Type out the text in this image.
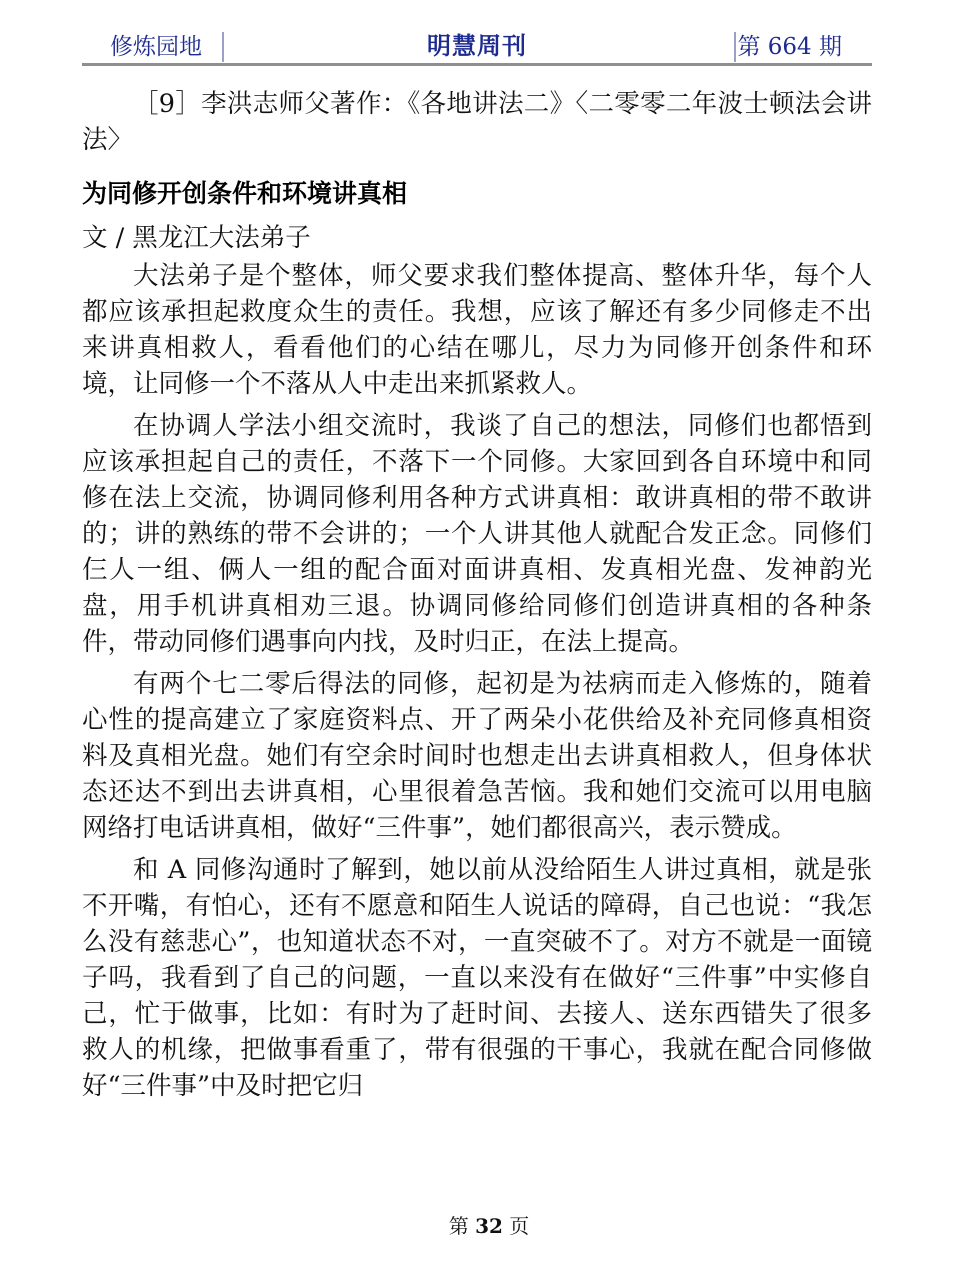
修炼园地	明慧周刊	第 664 期

［9］李洪志师父著作：《各地讲法二》〈二零零二年波士顿法会讲法〉

为同修开创条件和环境讲真相

文 / 黑龙江大法弟子

大法弟子是个整体，师父要求我们整体提高、整体升华，每个人都应该承担起救度众生的责任。我想，应该了解还有多少同修走不出来讲真相救人，看看他们的心结在哪儿，尽力为同修开创条件和环境，让同修一个不落从人中走出来抓紧救人。

在协调人学法小组交流时，我谈了自己的想法，同修们也都悟到应该承担起自己的责任，不落下一个同修。大家回到各自环境中和同修在法上交流，协调同修利用各种方式讲真相：敢讲真相的带不敢讲的；讲的熟练的带不会讲的；一个人讲其他人就配合发正念。同修们仨人一组、俩人一组的配合面对面讲真相、发真相光盘、发神韵光盘，用手机讲真相劝三退。协调同修给同修们创造讲真相的各种条件，带动同修们遇事向内找，及时归正，在法上提高。

有两个七二零后得法的同修，起初是为祛病而走入修炼的，随着心性的提高建立了家庭资料点、开了两朵小花供给及补充同修真相资料及真相光盘。她们有空余时间时也想走出去讲真相救人，但身体状态还达不到出去讲真相，心里很着急苦恼。我和她们交流可以用电脑网络打电话讲真相，做好“三件事”，她们都很高兴，表示赞成。

和 A 同修沟通时了解到，她以前从没给陌生人讲过真相，就是张不开嘴，有怕心，还有不愿意和陌生人说话的障碍，自己也说：“我怎么没有慈悲心”，也知道状态不对，一直突破不了。对方不就是一面镜子吗，我看到了自己的问题，一直以来没有在做好“三件事”中实修自己，忙于做事，比如：有时为了赶时间、去接人、送东西错失了很多救人的机缘，把做事看重了，带有很强的干事心，我就在配合同修做好“三件事”中及时把它归

第 32 页
